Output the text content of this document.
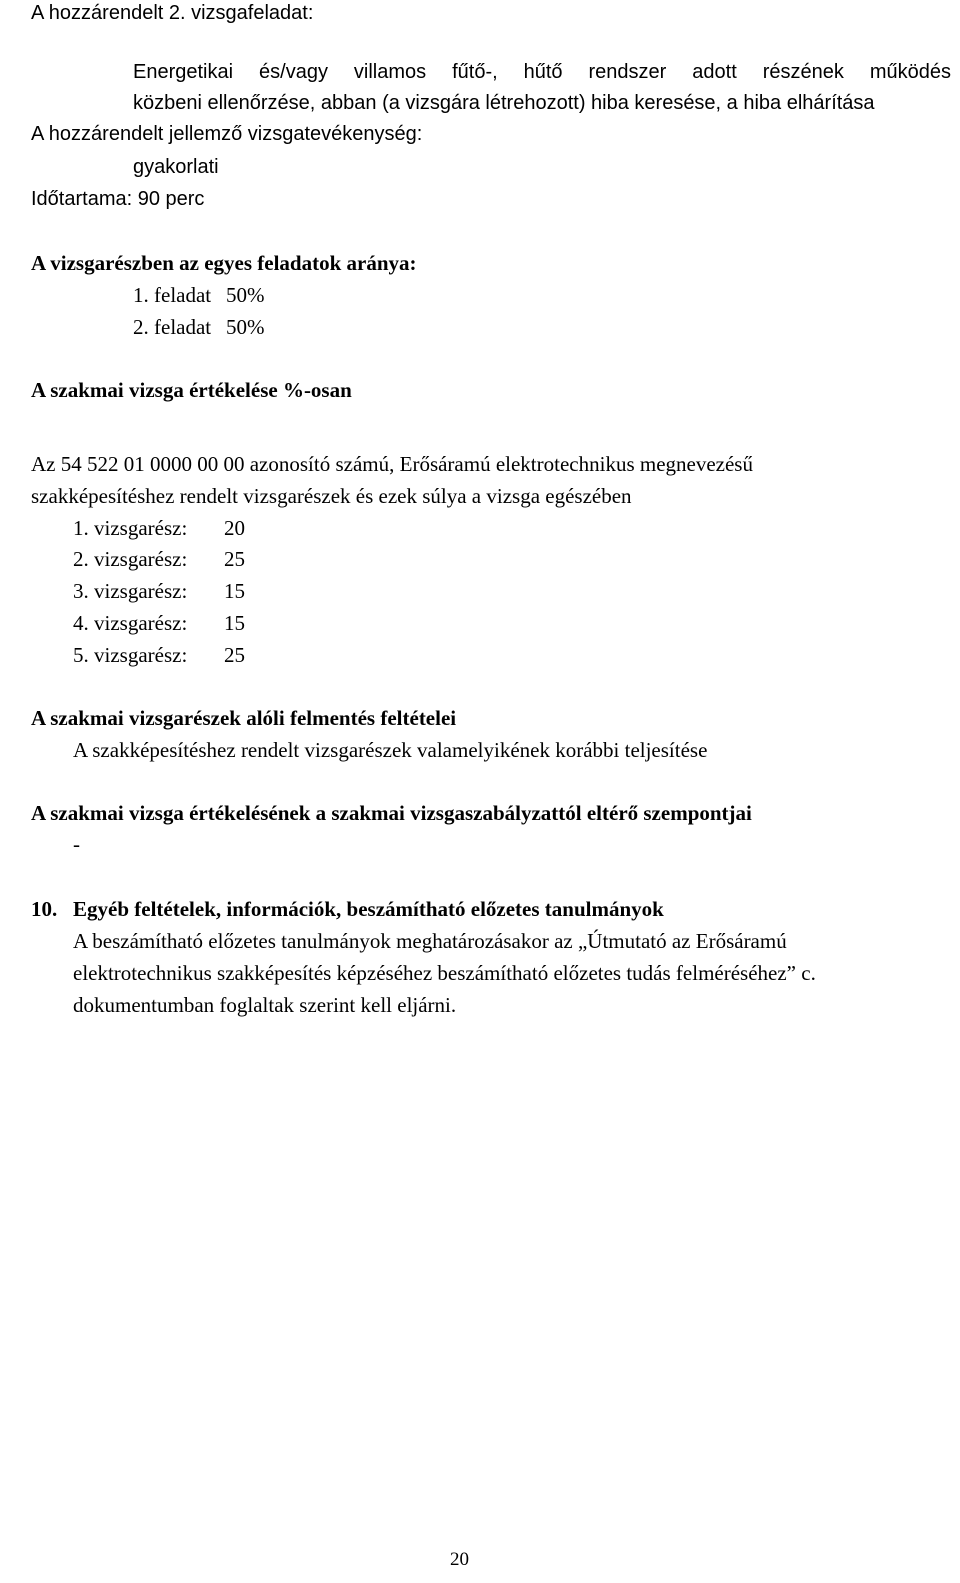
A hozzárendelt 2. vizsgafeladat:
Energetikai és/vagy villamos fűtő-, hűtő rendszer adott részének működés
közbeni ellenőrzése, abban (a vizsgára létrehozott) hiba keresése, a hiba elhárítása
A hozzárendelt jellemző vizsgatevékenység:
gyakorlati
Időtartama: 90 perc
A vizsgarészben az egyes feladatok aránya:
1. feladat 50%
2. feladat 50%
A szakmai vizsga értékelése %-osan
Az 54 522 01 0000 00 00 azonosító számú, Erősáramú elektrotechnikus megnevezésű
szakképesítéshez rendelt vizsgarészek és ezek súlya a vizsga egészében
1. vizsgarész: 20
2. vizsgarész: 25
3. vizsgarész: 15
4. vizsgarész: 15
5. vizsgarész: 25
A szakmai vizsgarészek alóli felmentés feltételei
A szakképesítéshez rendelt vizsgarészek valamelyikének korábbi teljesítése
A szakmai vizsga értékelésének a szakmai vizsgaszabályzattól eltérő szempontjai
-
10. Egyéb feltételek, információk, beszámítható előzetes tanulmányok
A beszámítható előzetes tanulmányok meghatározásakor az „Útmutató az Erősáramú
elektrotechnikus szakképesítés képzéséhez beszámítható előzetes tudás felméréséhez” c.
dokumentumban foglaltak szerint kell eljárni.
20
